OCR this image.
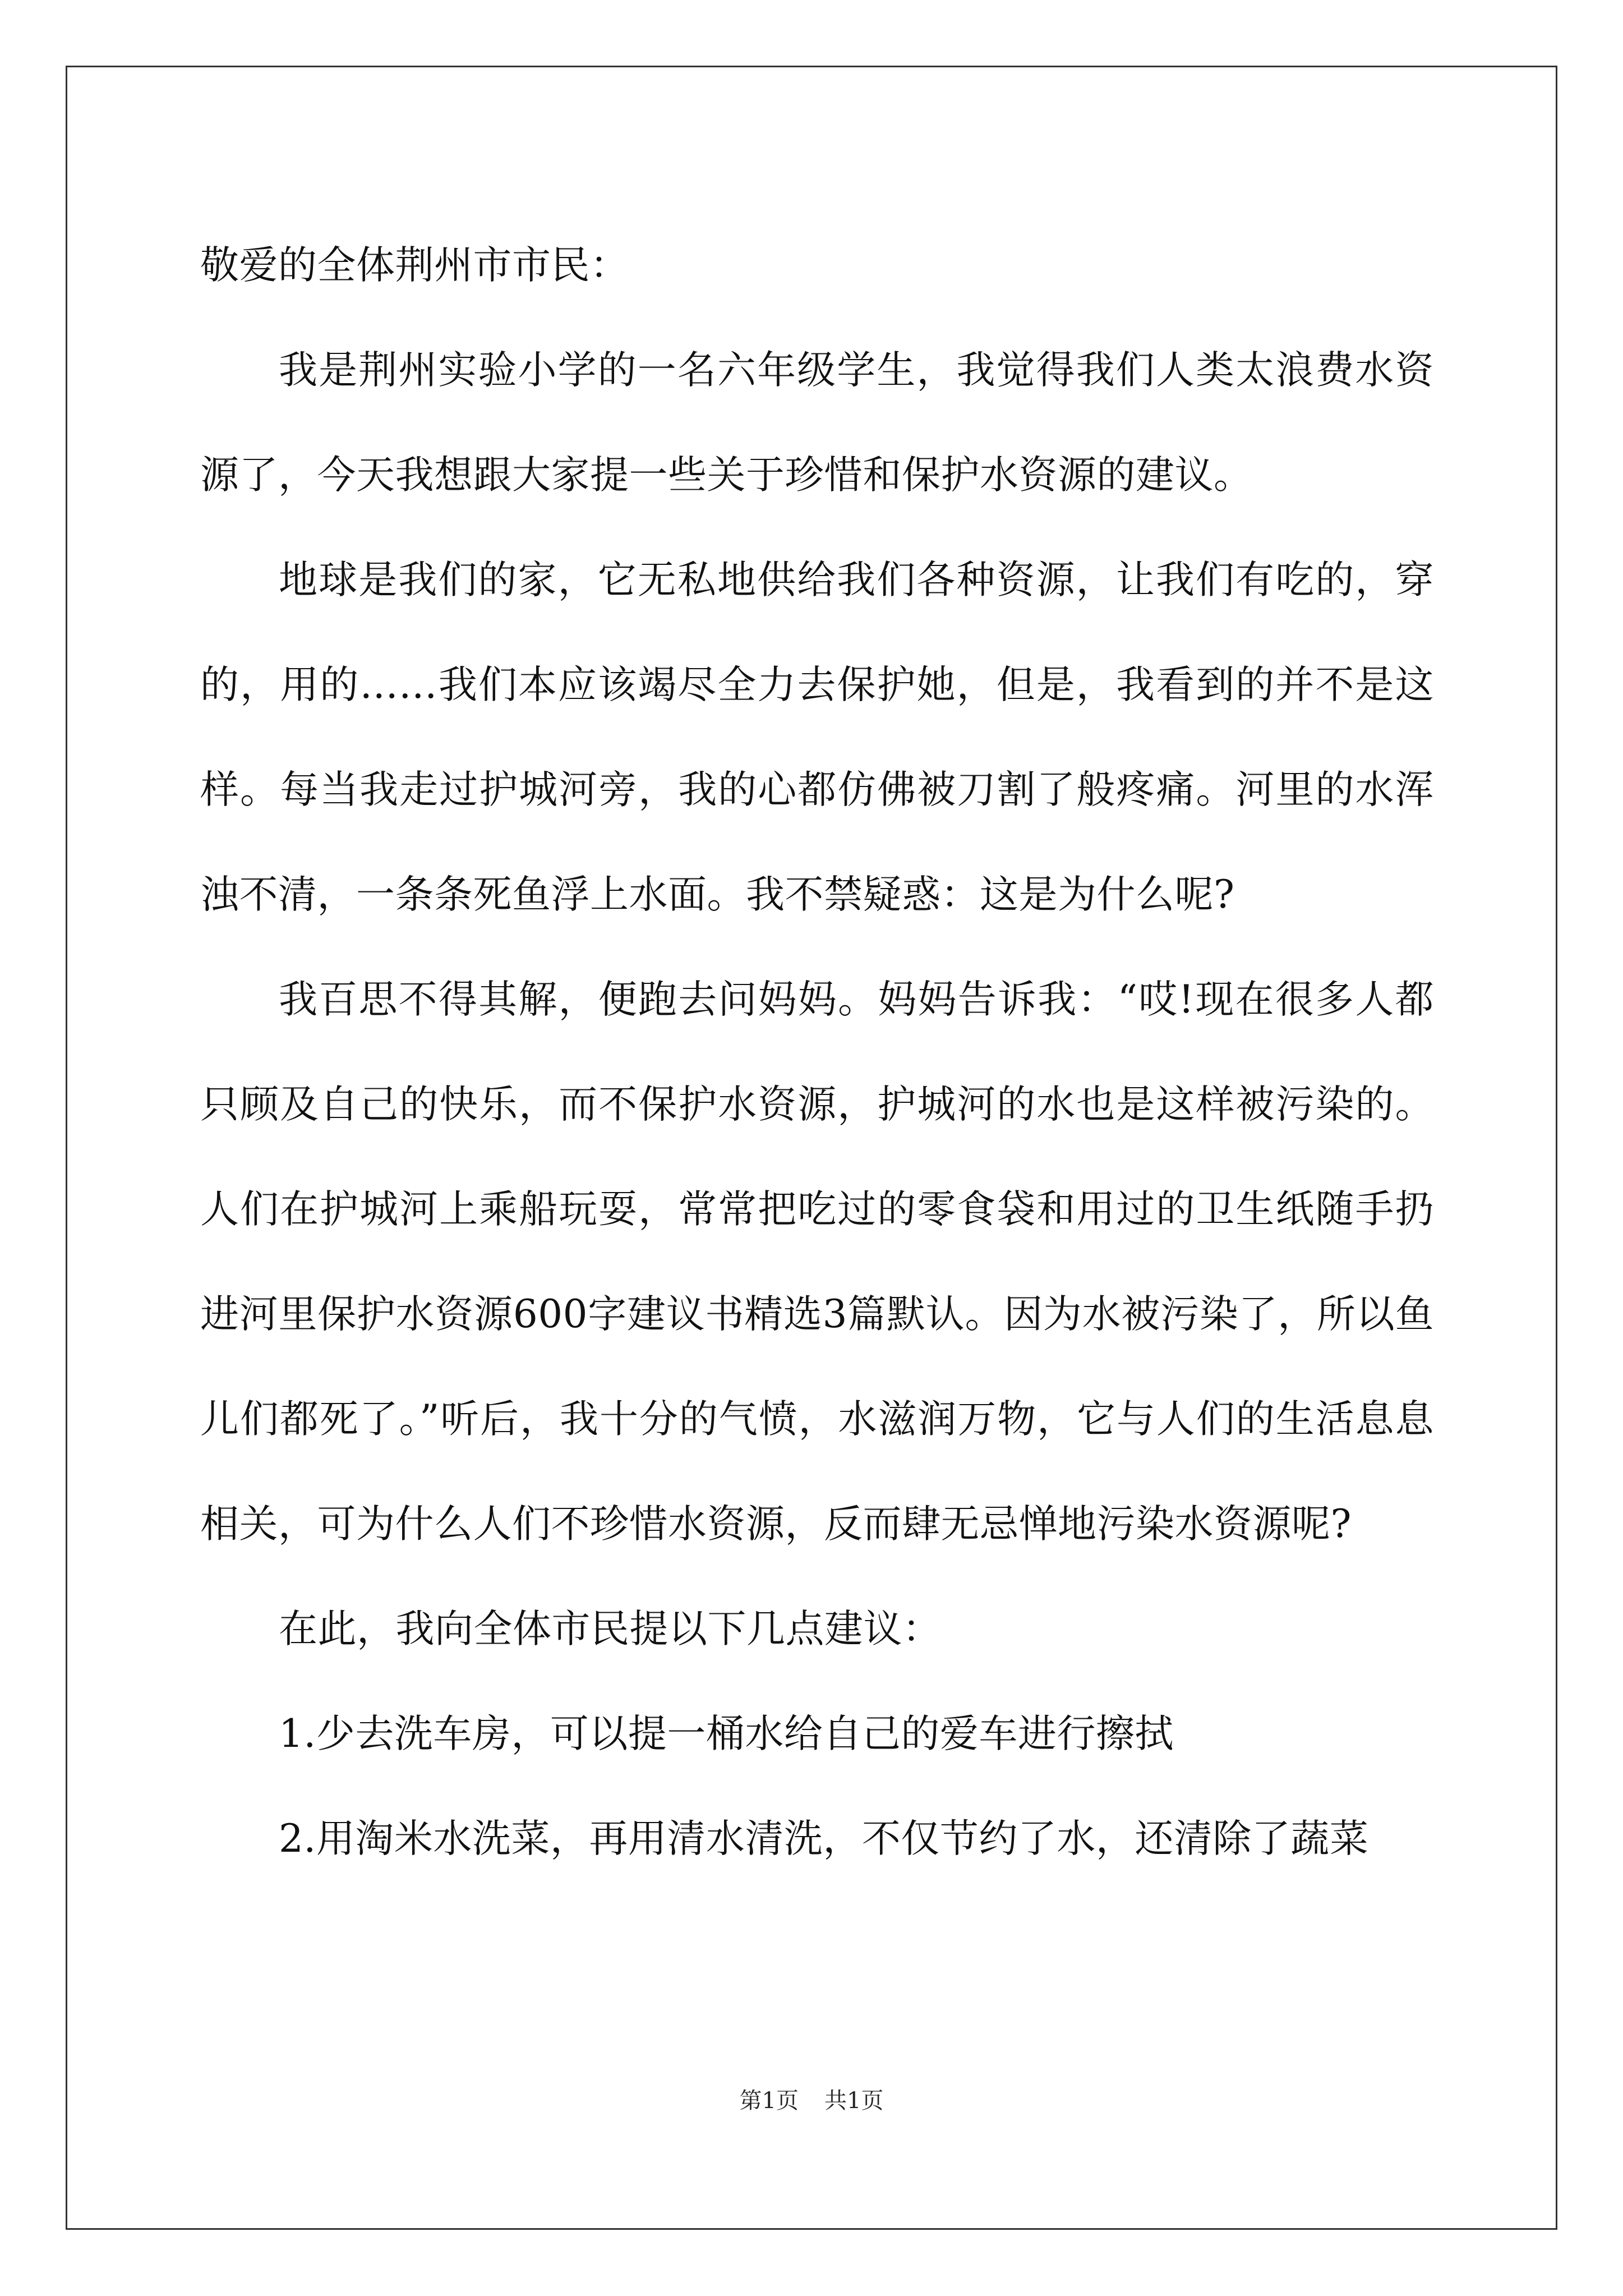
敬爱的全体荆州市市民：

我是荆州实验小学的一名六年级学生，我觉得我们人类太浪费水资源了，今天我想跟大家提一些关于珍惜和保护水资源的建议。

地球是我们的家，它无私地供给我们各种资源，让我们有吃的，穿的，用的……我们本应该竭尽全力去保护她，但是，我看到的并不是这样。每当我走过护城河旁，我的心都仿佛被刀割了般疼痛。河里的水浑浊不清，一条条死鱼浮上水面。我不禁疑惑：这是为什么呢?

我百思不得其解，便跑去问妈妈。妈妈告诉我：“哎!现在很多人都只顾及自己的快乐，而不保护水资源，护城河的水也是这样被污染的。人们在护城河上乘船玩耍，常常把吃过的零食袋和用过的卫生纸随手扔进河里保护水资源600字建议书精选3篇默认。因为水被污染了，所以鱼儿们都死了。”听后，我十分的气愤，水滋润万物，它与人们的生活息息相关，可为什么人们不珍惜水资源，反而肆无忌惮地污染水资源呢?

在此，我向全体市民提以下几点建议：

1.少去洗车房，可以提一桶水给自己的爱车进行擦拭

2.用淘米水洗菜，再用清水清洗，不仅节约了水，还清除了蔬菜

第1页 共1页
